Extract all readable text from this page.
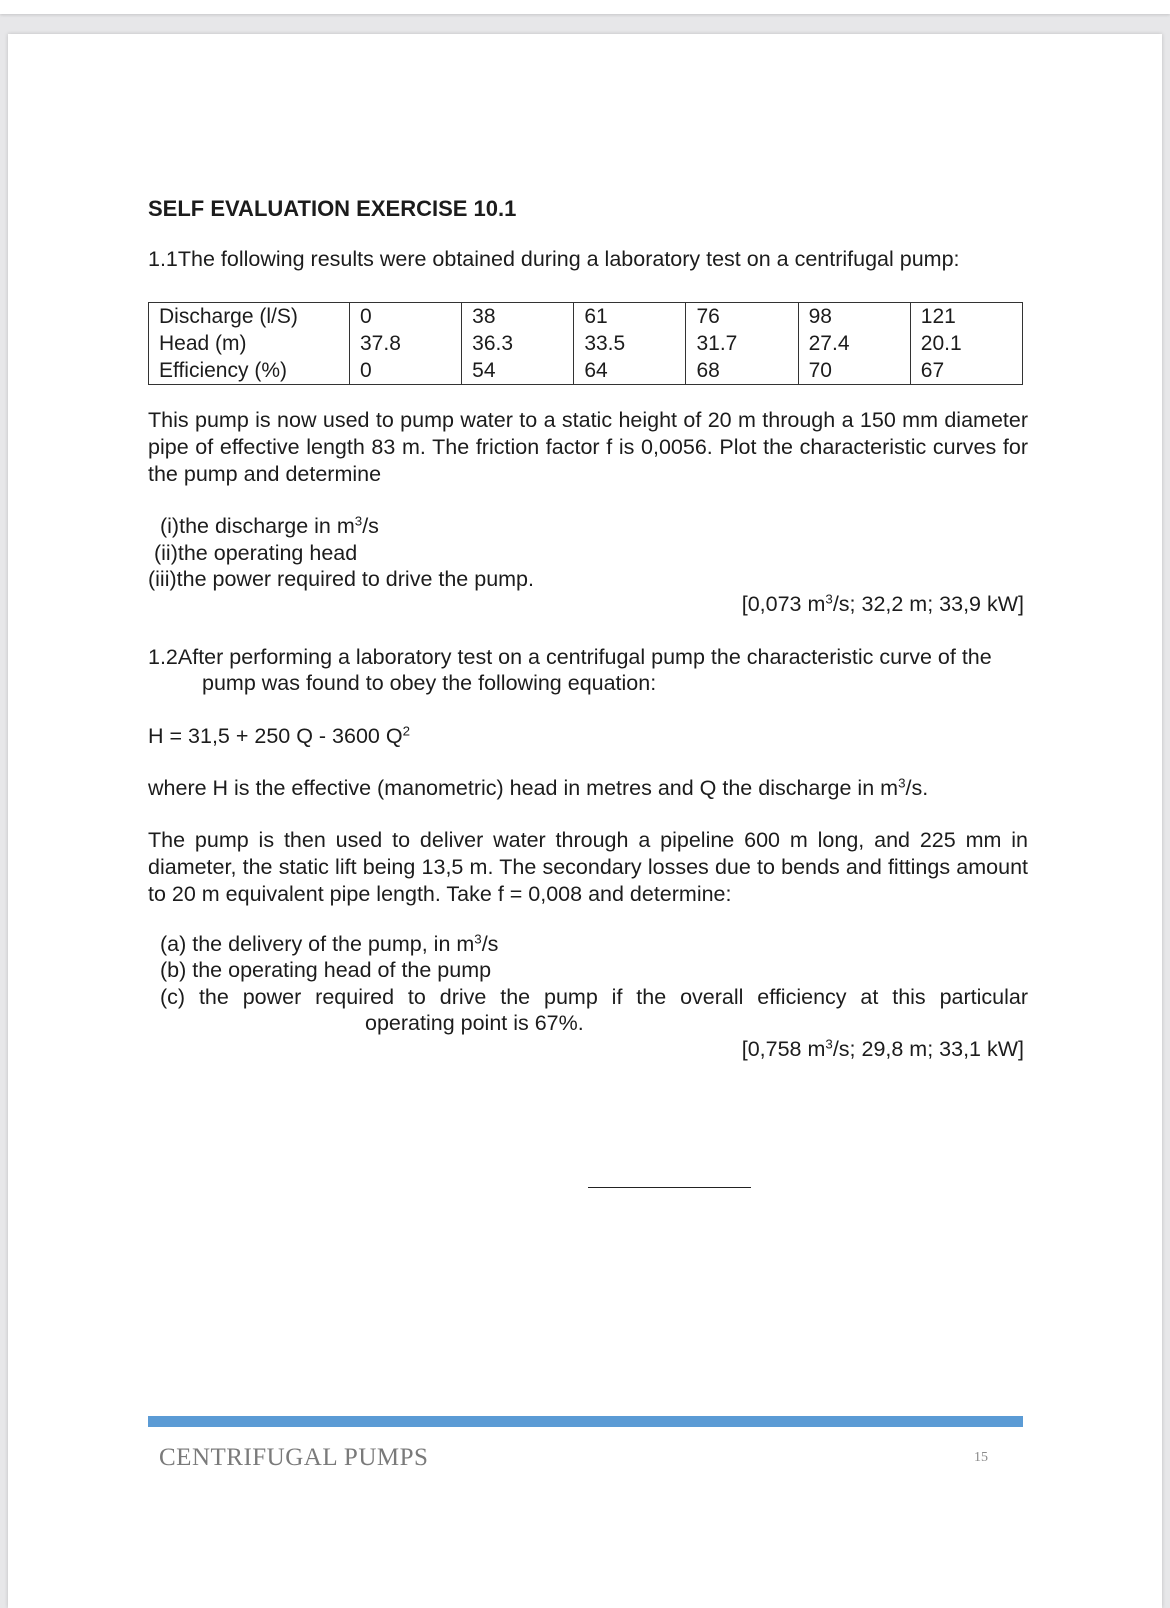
SELF EVALUATION EXERCISE 10.1
1.1The following results were obtained during a laboratory test on a centrifugal pump:
Discharge (l/S)	0	38	61	76	98	121
Head (m)	37.8	36.3	33.5	31.7	27.4	20.1
Efficiency (%)	0	54	64	68	70	67
This pump is now used to pump water to a static height of 20 m through a 150 mm diameter pipe of effective length 83 m. The friction factor f is 0,0056. Plot the characteristic curves for the pump and determine
(i)the discharge in $m^3/s$
(ii)the operating head
(iii)the power required to drive the pump.
[0,073 $m^3/s$; 32,2 m; 33,9 kW]
1.2After performing a laboratory test on a centrifugal pump the characteristic curve of the
pump was found to obey the following equation:
H = 31,5 + 250 Q - 3600 $Q^2$
where H is the effective (manometric) head in metres and Q the discharge in $m^3/s$.
The pump is then used to deliver water through a pipeline 600 m long, and 225 mm in diameter, the static lift being 13,5 m. The secondary losses due to bends and fittings amount to 20 m equivalent pipe length. Take f = 0,008 and determine:
(a) the delivery of the pump, in $m^3/s$
(b) the operating head of the pump
(c) the power required to drive the pump if the overall efficiency at this particular
operating point is 67%.
[0,758 $m^3/s$; 29,8 m; 33,1 kW]
CENTRIFUGAL PUMPS	15
